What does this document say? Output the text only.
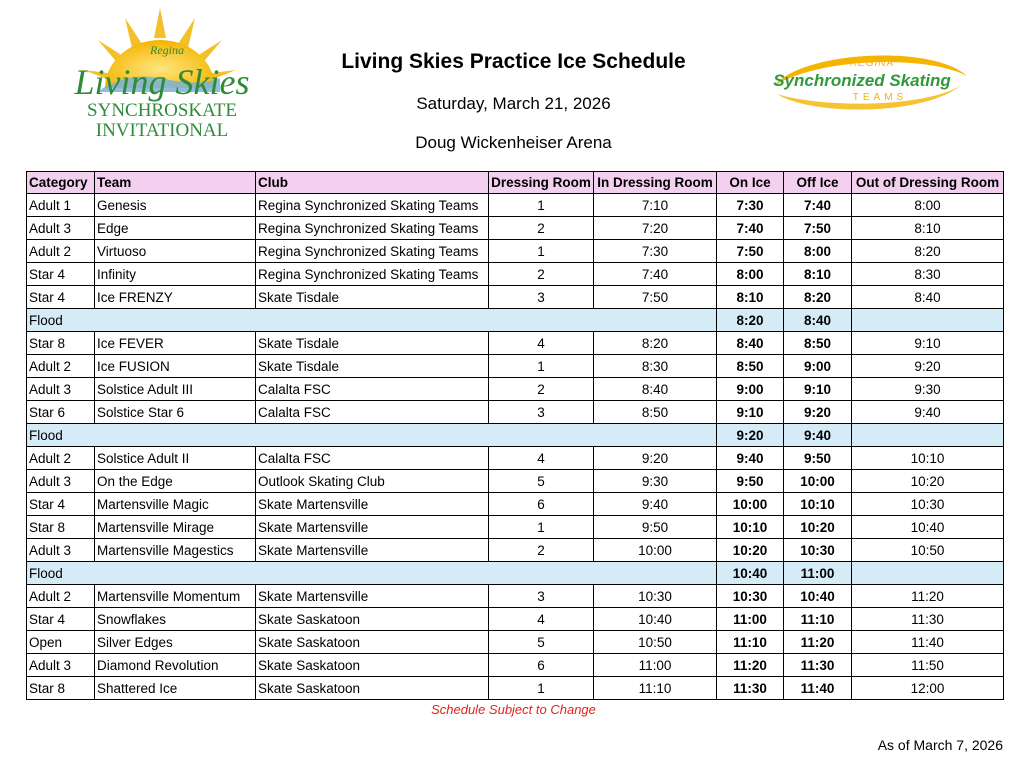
Regina
Living Skies
SYNCHROSKATE
INVITATIONAL
REGINA
Synchronized Skating
TEAMS
Living Skies Practice Ice Schedule
Saturday, March 21, 2026
Doug Wickenheiser Arena
Category	Team	Club	Dressing Room	In Dressing Room	On Ice	Off Ice	Out of Dressing Room
Adult 1	Genesis	Regina Synchronized Skating Teams	1	7:10	7:30	7:40	8:00
Adult 3	Edge	Regina Synchronized Skating Teams	2	7:20	7:40	7:50	8:10
Adult 2	Virtuoso	Regina Synchronized Skating Teams	1	7:30	7:50	8:00	8:20
Star 4	Infinity	Regina Synchronized Skating Teams	2	7:40	8:00	8:10	8:30
Star 4	Ice FRENZY	Skate Tisdale	3	7:50	8:10	8:20	8:40
Flood					8:20	8:40	
Star 8	Ice FEVER	Skate Tisdale	4	8:20	8:40	8:50	9:10
Adult 2	Ice FUSION	Skate Tisdale	1	8:30	8:50	9:00	9:20
Adult 3	Solstice Adult III	Calalta FSC	2	8:40	9:00	9:10	9:30
Star 6	Solstice Star 6	Calalta FSC	3	8:50	9:10	9:20	9:40
Flood					9:20	9:40	
Adult 2	Solstice Adult II	Calalta FSC	4	9:20	9:40	9:50	10:10
Adult 3	On the Edge	Outlook Skating Club	5	9:30	9:50	10:00	10:20
Star 4	Martensville Magic	Skate Martensville	6	9:40	10:00	10:10	10:30
Star 8	Martensville Mirage	Skate Martensville	1	9:50	10:10	10:20	10:40
Adult 3	Martensville Magestics	Skate Martensville	2	10:00	10:20	10:30	10:50
Flood					10:40	11:00	
Adult 2	Martensville Momentum	Skate Martensville	3	10:30	10:30	10:40	11:20
Star 4	Snowflakes	Skate Saskatoon	4	10:40	11:00	11:10	11:30
Open	Silver Edges	Skate Saskatoon	5	10:50	11:10	11:20	11:40
Adult 3	Diamond Revolution	Skate Saskatoon	6	11:00	11:20	11:30	11:50
Star 8	Shattered Ice	Skate Saskatoon	1	11:10	11:30	11:40	12:00
Schedule Subject to Change
As of March 7, 2026
